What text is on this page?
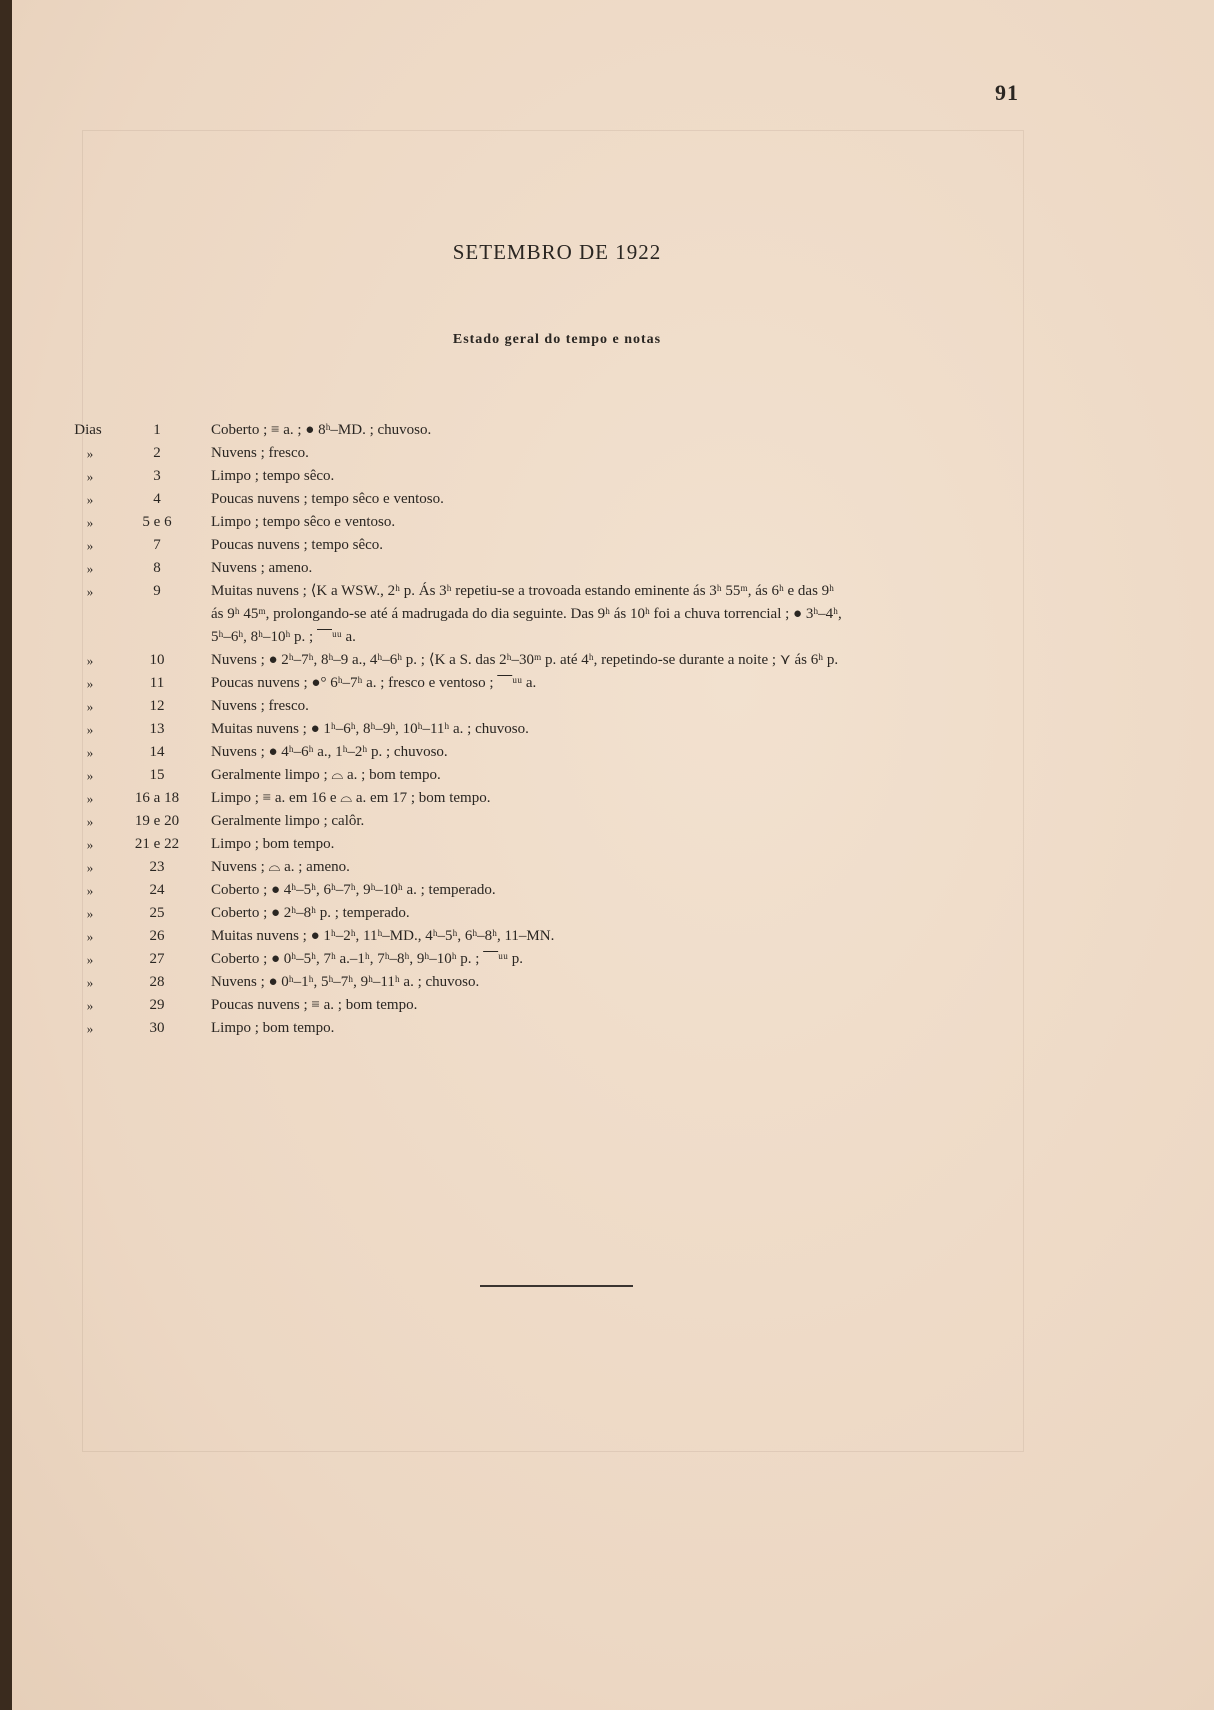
91
SETEMBRO DE 1922
Estado geral do tempo e notas
Dias	1	Coberto ; ≡ a. ; ● 8ʰ–MD. ; chuvoso.
»	2	Nuvens ; fresco.
»	3	Limpo ; tempo sêco.
»	4	Poucas nuvens ; tempo sêco e ventoso.
»	5 e 6	Limpo ; tempo sêco e ventoso.
»	7	Poucas nuvens ; tempo sêco.
»	8	Nuvens ; ameno.
»	9	Muitas nuvens ; ⟨K a WSW., 2ʰ p. Ás 3ʰ repetiu-se a trovoada estando eminente ás 3ʰ 55ᵐ, ás 6ʰ e das 9ʰ
ás 9ʰ 45ᵐ, prolongando-se até á madrugada do dia seguinte. Das 9ʰ ás 10ʰ foi a chuva torrencial ; ● 3ʰ–4ʰ,
5ʰ–6ʰ, 8ʰ–10ʰ p. ; ⎺ᵘᵘ a.
»	10	Nuvens ; ● 2ʰ–7ʰ, 8ʰ–9 a., 4ʰ–6ʰ p. ; ⟨K a S. das 2ʰ–30ᵐ p. até 4ʰ, repetindo-se durante a noite ; ⋎ ás 6ʰ p.
»	11	Poucas nuvens ; ●° 6ʰ–7ʰ a. ; fresco e ventoso ; ⎺ᵘᵘ a.
»	12	Nuvens ; fresco.
»	13	Muitas nuvens ; ● 1ʰ–6ʰ, 8ʰ–9ʰ, 10ʰ–11ʰ a. ; chuvoso.
»	14	Nuvens ; ● 4ʰ–6ʰ a., 1ʰ–2ʰ p. ; chuvoso.
»	15	Geralmente limpo ; ⌓ a. ; bom tempo.
»	16 a 18	Limpo ; ≡ a. em 16 e ⌓ a. em 17 ; bom tempo.
»	19 e 20	Geralmente limpo ; calôr.
»	21 e 22	Limpo ; bom tempo.
»	23	Nuvens ; ⌓ a. ; ameno.
»	24	Coberto ; ● 4ʰ–5ʰ, 6ʰ–7ʰ, 9ʰ–10ʰ a. ; temperado.
»	25	Coberto ; ● 2ʰ–8ʰ p. ; temperado.
»	26	Muitas nuvens ; ● 1ʰ–2ʰ, 11ʰ–MD., 4ʰ–5ʰ, 6ʰ–8ʰ, 11–MN.
»	27	Coberto ; ● 0ʰ–5ʰ, 7ʰ a.–1ʰ, 7ʰ–8ʰ, 9ʰ–10ʰ p. ; ⎺ᵘᵘ p.
»	28	Nuvens ; ● 0ʰ–1ʰ, 5ʰ–7ʰ, 9ʰ–11ʰ a. ; chuvoso.
»	29	Poucas nuvens ; ≡ a. ; bom tempo.
»	30	Limpo ; bom tempo.
